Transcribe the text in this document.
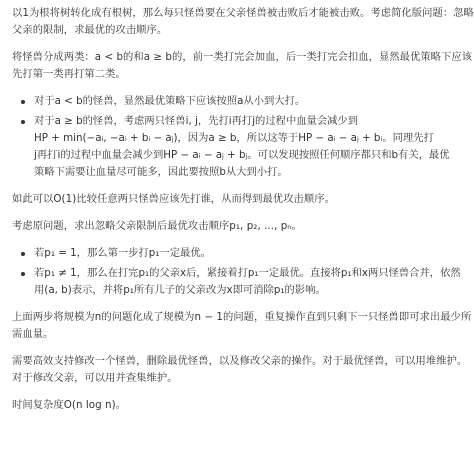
以1为根将树转化成有根树，那么每只怪兽要在父亲怪兽被击败后才能被击败。考虑简化版问题：忽略
父亲的限制，求最优的攻击顺序。

将怪兽分成两类：a < b的和a ≥ b的，前一类打完会加血，后一类打完会扣血，显然最优策略下应该
先打第一类再打第二类。

对于a < b的怪兽，显然最优策略下应该按照a从小到大打。
对于a ≥ b的怪兽，考虑两只怪兽i, j，先打i再打j的过程中血量会减少到
HP + min(−aᵢ, −aᵢ + bᵢ − aⱼ)，因为a ≥ b，所以这等于HP − aᵢ − aⱼ + bᵢ。同理先打
j再打i的过程中血量会减少到HP − aᵢ − aⱼ + bⱼ。可以发现按照任何顺序都只和b有关，最优
策略下需要让血量尽可能多，因此要按照b从大到小打。

如此可以O(1)比较任意两只怪兽应该先打谁，从而得到最优攻击顺序。

考虑原问题，求出忽略父亲限制后最优攻击顺序p₁, p₂, ..., pₙ。

若p₁ = 1，那么第一步打p₁一定最优。
若p₁ ≠ 1，那么在打完p₁的父亲x后，紧接着打p₁一定最优。直接将p₁和x两只怪兽合并，依然
用(a, b)表示，并将p₁所有儿子的父亲改为x即可消除p₁的影响。

上面两步将规模为n的问题化成了规模为n − 1的问题，重复操作直到只剩下一只怪兽即可求出最少所
需血量。

需要高效支持修改一个怪兽，删除最优怪兽，以及修改父亲的操作。对于最优怪兽，可以用堆维护。
对于修改父亲，可以用并查集维护。

时间复杂度O(n log n)。
